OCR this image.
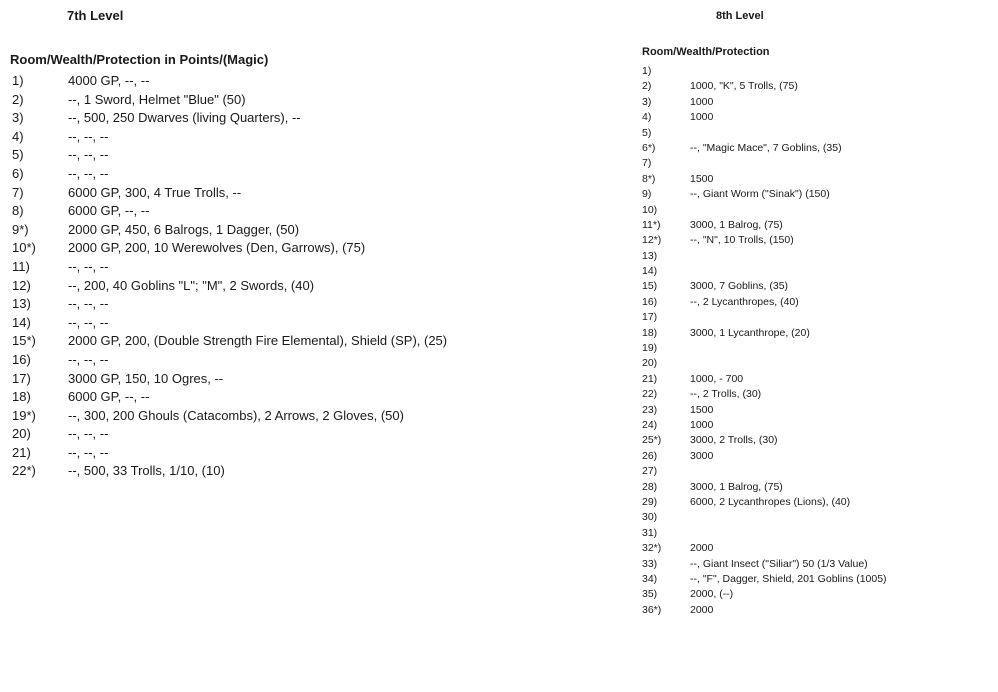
7th Level
Room/Wealth/Protection in Points/(Magic)
1)	4000 GP, --, --
2)	--, 1 Sword, Helmet "Blue" (50)
3)	--, 500, 250 Dwarves (living Quarters), --
4)	--, --, --
5)	--, --, --
6)	--, --, --
7)	6000 GP, 300, 4 True Trolls, --
8)	6000 GP, --, --
9*)	2000 GP, 450, 6 Balrogs, 1 Dagger, (50)
10*)	2000 GP, 200, 10 Werewolves (Den, Garrows), (75)
11)	--, --, --
12)	--, 200, 40 Goblins "L"; "M", 2 Swords, (40)
13)	--, --, --
14)	--, --, --
15*)	2000 GP, 200, (Double Strength Fire Elemental), Shield (SP), (25)
16)	--, --, --
17)	3000 GP, 150, 10 Ogres, --
18)	6000 GP, --, --
19*)	--, 300, 200 Ghouls (Catacombs), 2 Arrows, 2 Gloves, (50)
20)	--, --, --
21)	--, --, --
22*)	--, 500, 33 Trolls, 1/10, (10)
8th Level
Room/Wealth/Protection
1)
2)	1000, "K", 5 Trolls, (75)
3)	1000
4)	1000
5)
6*)	--, "Magic Mace", 7 Goblins, (35)
7)
8*)	1500
9)	--, Giant Worm ("Sinak") (150)
10)
11*)	3000, 1 Balrog, (75)
12*)	--, "N", 10 Trolls, (150)
13)
14)
15)	3000, 7 Goblins, (35)
16)	--, 2 Lycanthropes, (40)
17)
18)	3000, 1 Lycanthrope, (20)
19)
20)
21)	1000, - 700
22)	--, 2 Trolls, (30)
23)	1500
24)	1000
25*)	3000, 2 Trolls, (30)
26)	3000
27)
28)	3000, 1 Balrog, (75)
29)	6000, 2 Lycanthropes (Lions), (40)
30)
31)
32*)	2000
33)	--, Giant Insect ("Siliar") 50 (1/3 Value)
34)	--, "F", Dagger, Shield, 201 Goblins (1005)
35)	2000, (--)
36*)	2000
